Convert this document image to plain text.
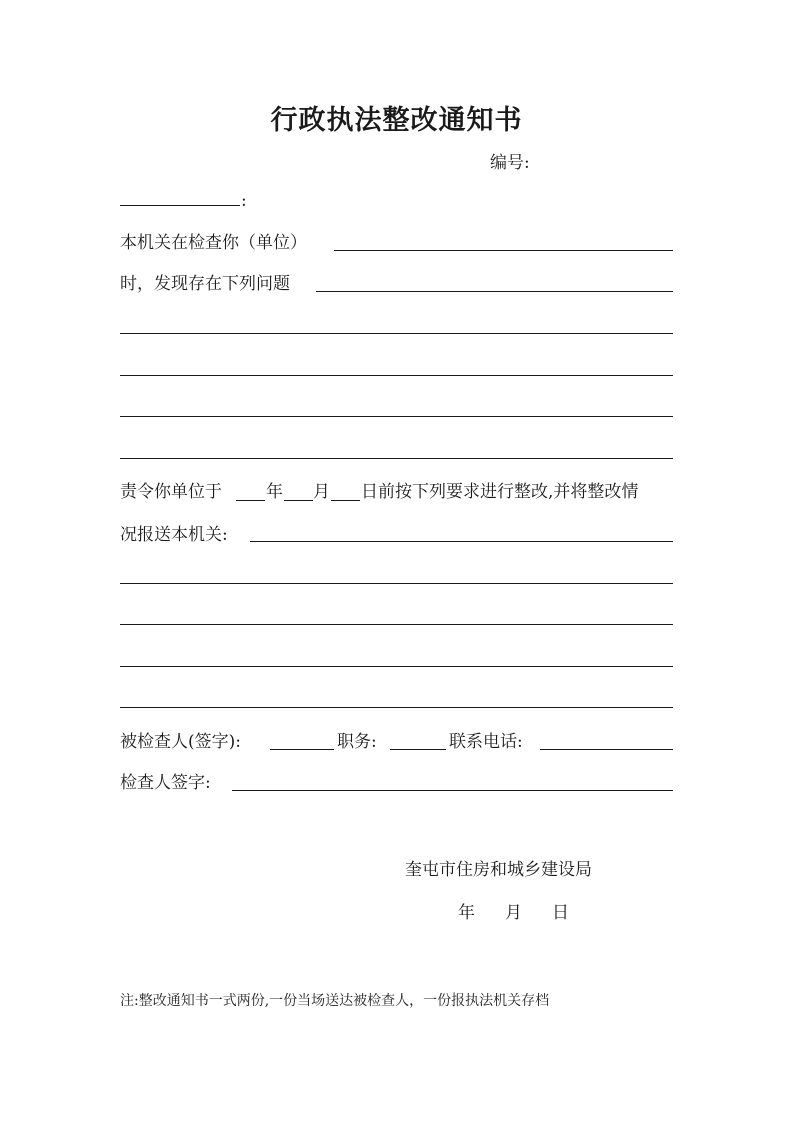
行政执法整改通知书
编号:
:
本机关在检查你（单位）
时，发现存在下列问题
责令你单位于	年 月 日前按下列要求进行整改,并将整改情
况报送本机关:
被检查人(签字):	职务:	联系电话:
检查人签字:
奎屯市住房和城乡建设局
年 月 日
注:整改通知书一式两份,一份当场送达被检查人，一份报执法机关存档
